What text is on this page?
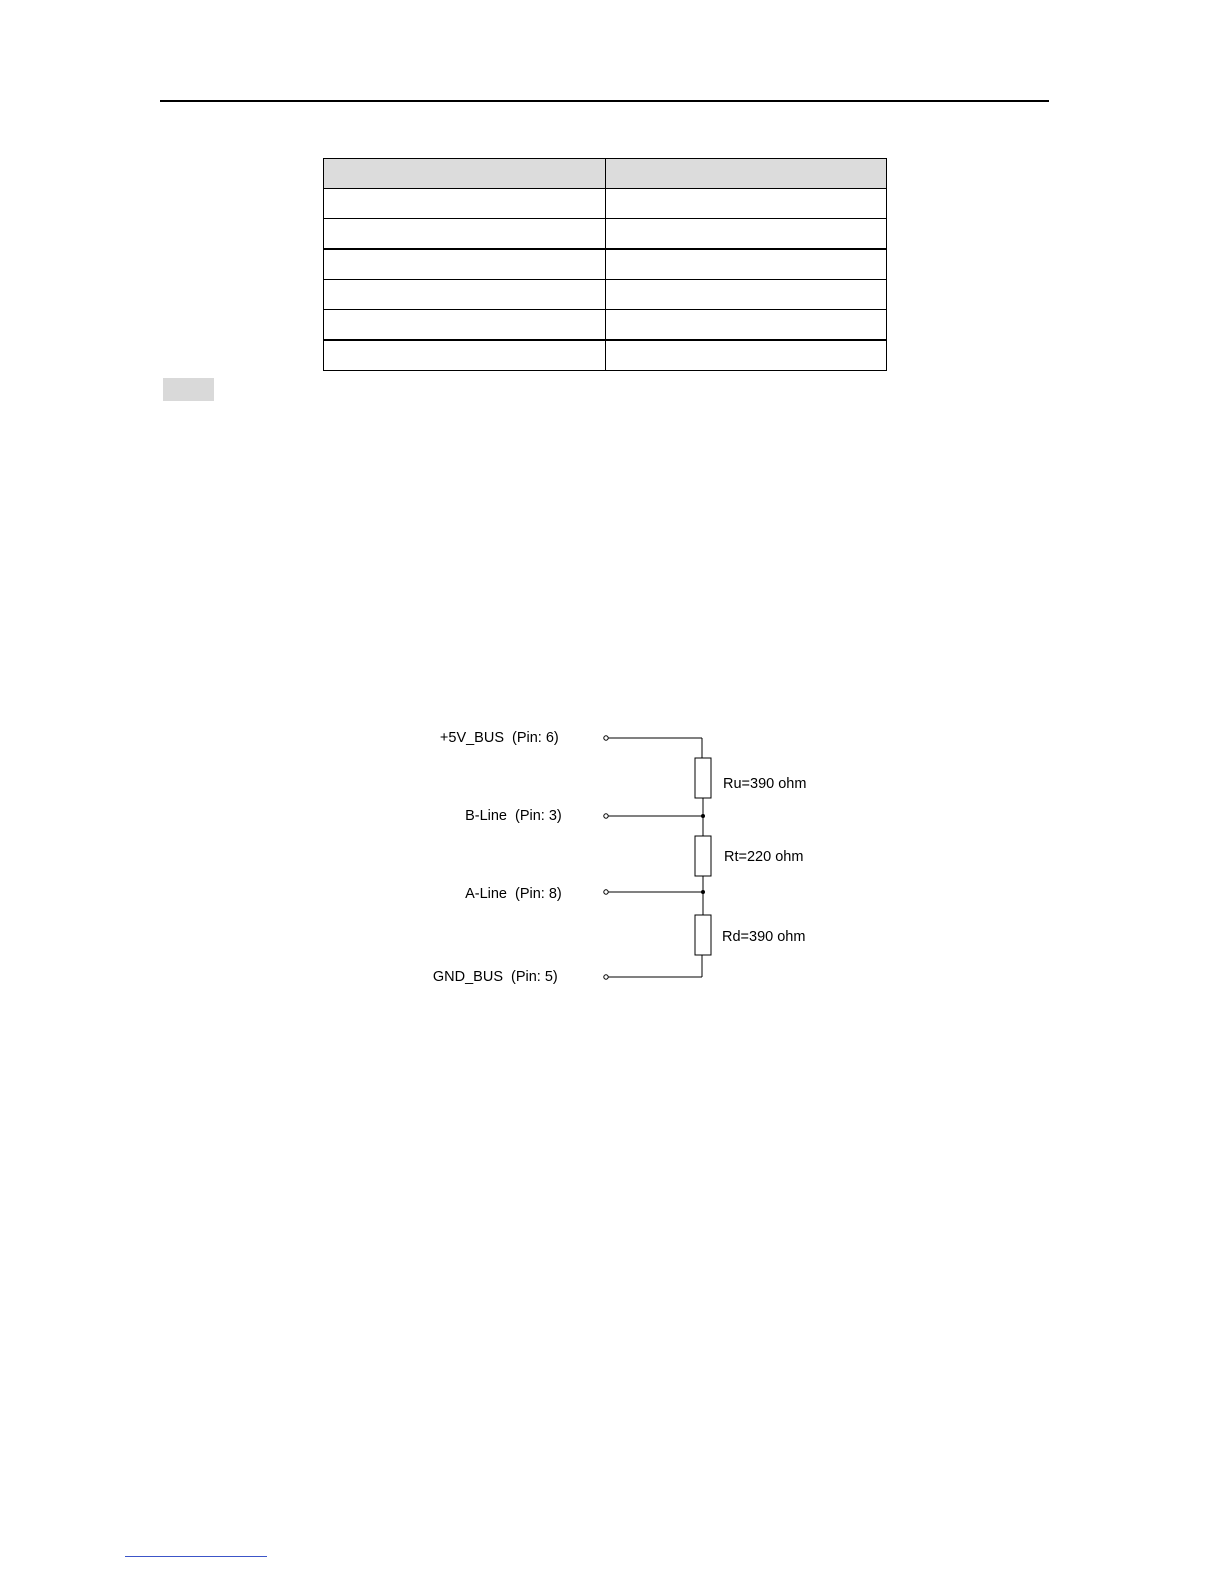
+5V_BUS (Pin: 6)
B-Line (Pin: 3)
A-Line (Pin: 8)
GND_BUS (Pin: 5)
Ru=390 ohm
Rt=220 ohm
Rd=390 ohm
